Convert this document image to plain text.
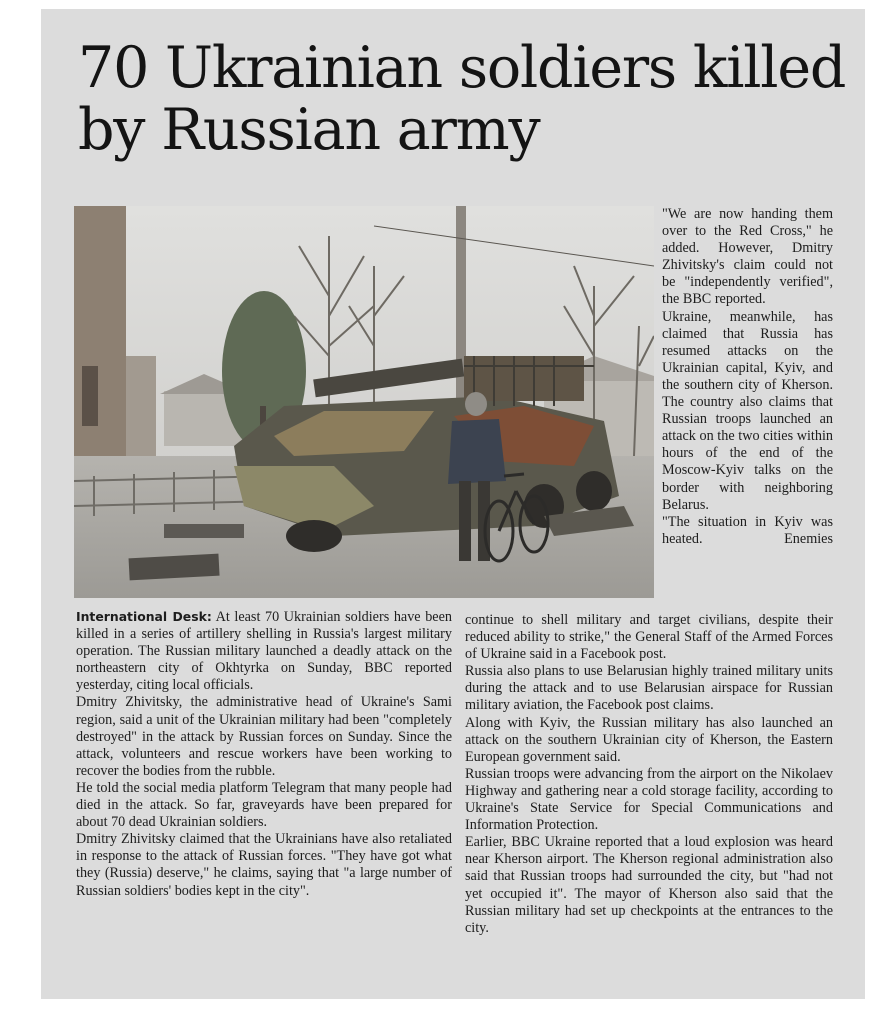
70 Ukrainian soldiers killed by Russian army

"We are now handing them over to the Red Cross," he added. However, Dmitry Zhivitsky's claim could not be "independently verified", the BBC reported.

Ukraine, meanwhile, has claimed that Russia has resumed attacks on the Ukrainian capital, Kyiv, and the southern city of Kherson. The country also claims that Russian troops launched an attack on the two cities within hours of the end of the Moscow-Kyiv talks on the border with neighboring Belarus.

"The situation in Kyiv was heated. Enemies

International Desk: At least 70 Ukrainian soldiers have been killed in a series of artillery shelling in Russia's largest military operation. The Russian military launched a deadly attack on the northeastern city of Okhtyrka on Sunday, BBC reported yesterday, citing local officials.

Dmitry Zhivitsky, the administrative head of Ukraine's Sami region, said a unit of the Ukrainian military had been "completely destroyed" in the attack by Russian forces on Sunday. Since the attack, volunteers and rescue workers have been working to recover the bodies from the rubble.

He told the social media platform Telegram that many people had died in the attack. So far, graveyards have been prepared for about 70 dead Ukrainian soldiers.

Dmitry Zhivitsky claimed that the Ukrainians have also retaliated in response to the attack of Russian forces. "They have got what they (Russia) deserve," he claims, saying that "a large number of Russian soldiers' bodies kept in the city".

continue to shell military and target civilians, despite their reduced ability to strike," the General Staff of the Armed Forces of Ukraine said in a Facebook post.

Russia also plans to use Belarusian highly trained military units during the attack and to use Belarusian airspace for Russian military aviation, the Facebook post claims.

Along with Kyiv, the Russian military has also launched an attack on the southern Ukrainian city of Kherson, the Eastern European government said.

Russian troops were advancing from the airport on the Nikolaev Highway and gathering near a cold storage facility, according to Ukraine's State Service for Special Communications and Information Protection.

Earlier, BBC Ukraine reported that a loud explosion was heard near Kherson airport. The Kherson regional administration also said that Russian troops had surrounded the city, but "had not yet occupied it". The mayor of Kherson also said that the Russian military had set up checkpoints at the entrances to the city.
